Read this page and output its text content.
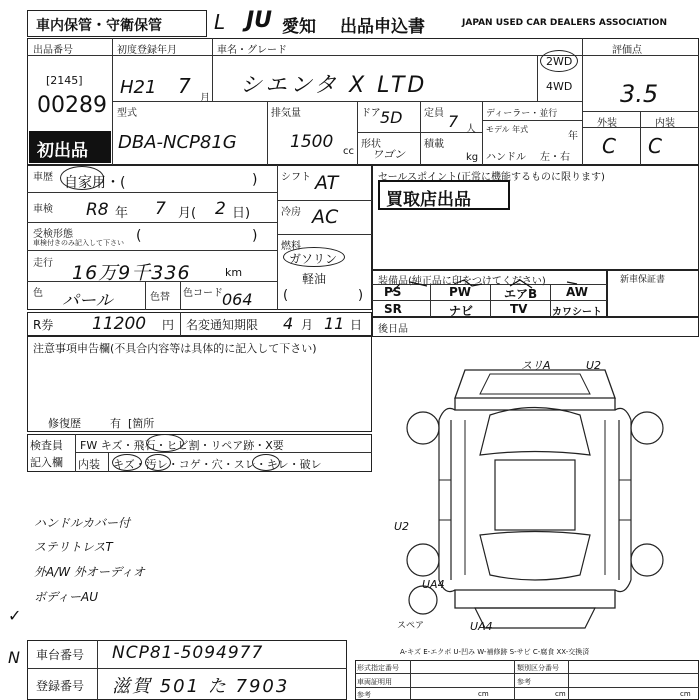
車内保管・守衛保管	L JU 愛知 出品申込書	JAPAN USED CAR DEALERS ASSOCIATION
出品番号
[2145]
00289
初出品
初度登録年月
H21 7
月
車名・グレード
シエンタ X LTD
2WD
4WD
評価点
3.5
型式
DBA-NCP81G
排気量
1500 cc
ドア 5D
形状
ワゴン
定員 7 人
積載
kg
ディーラー・並行
モデル 年式
年
ハンドル 左・右
外装	内装
C C
車歴 自家用・(	) シフト AT
車検 R8 年 7 月( 2 日)	冷房 AC
受検形態
車検付きのみ記入して下さい (	)
燃料
ガソリン
軽油
(	)
走行 16万9千336	km
色 パール	色替 色コード 064
セールスポイント(正常に機能するものに限ります)
買取店出品
装備品(純正品に印をつけてください)
PS	PW	エアB AW
SR	ナビ	TV カワシート
新車保証書
R券 11200 円 名変通知期限 4 月 11 日 後日品
注意事項申告欄(不具合内容等は具体的に記入して下さい)
修復歴	有 [箇所
検査員
記入欄
FW キズ・飛石・ヒビ割・リペア跡・X要
内装 キズ・汚レ・コゲ・穴・スレ・キレ・破レ
ハンドルカバー付
ステリトレスT
外A/W 外オーディオ
ボディーAU
✓
N
スリA	U2
U2
UA4
UA4
スペア
A-キズ E-エクボ U-凹み W-補修跡 S-サビ C-腐食 XX-交換済
車台番号 NCP81-5094977
登録番号 滋賀 501 た 7903
形式指定番号	類別区分番号
車両証明用	参考
参考	cm	cm	cm
